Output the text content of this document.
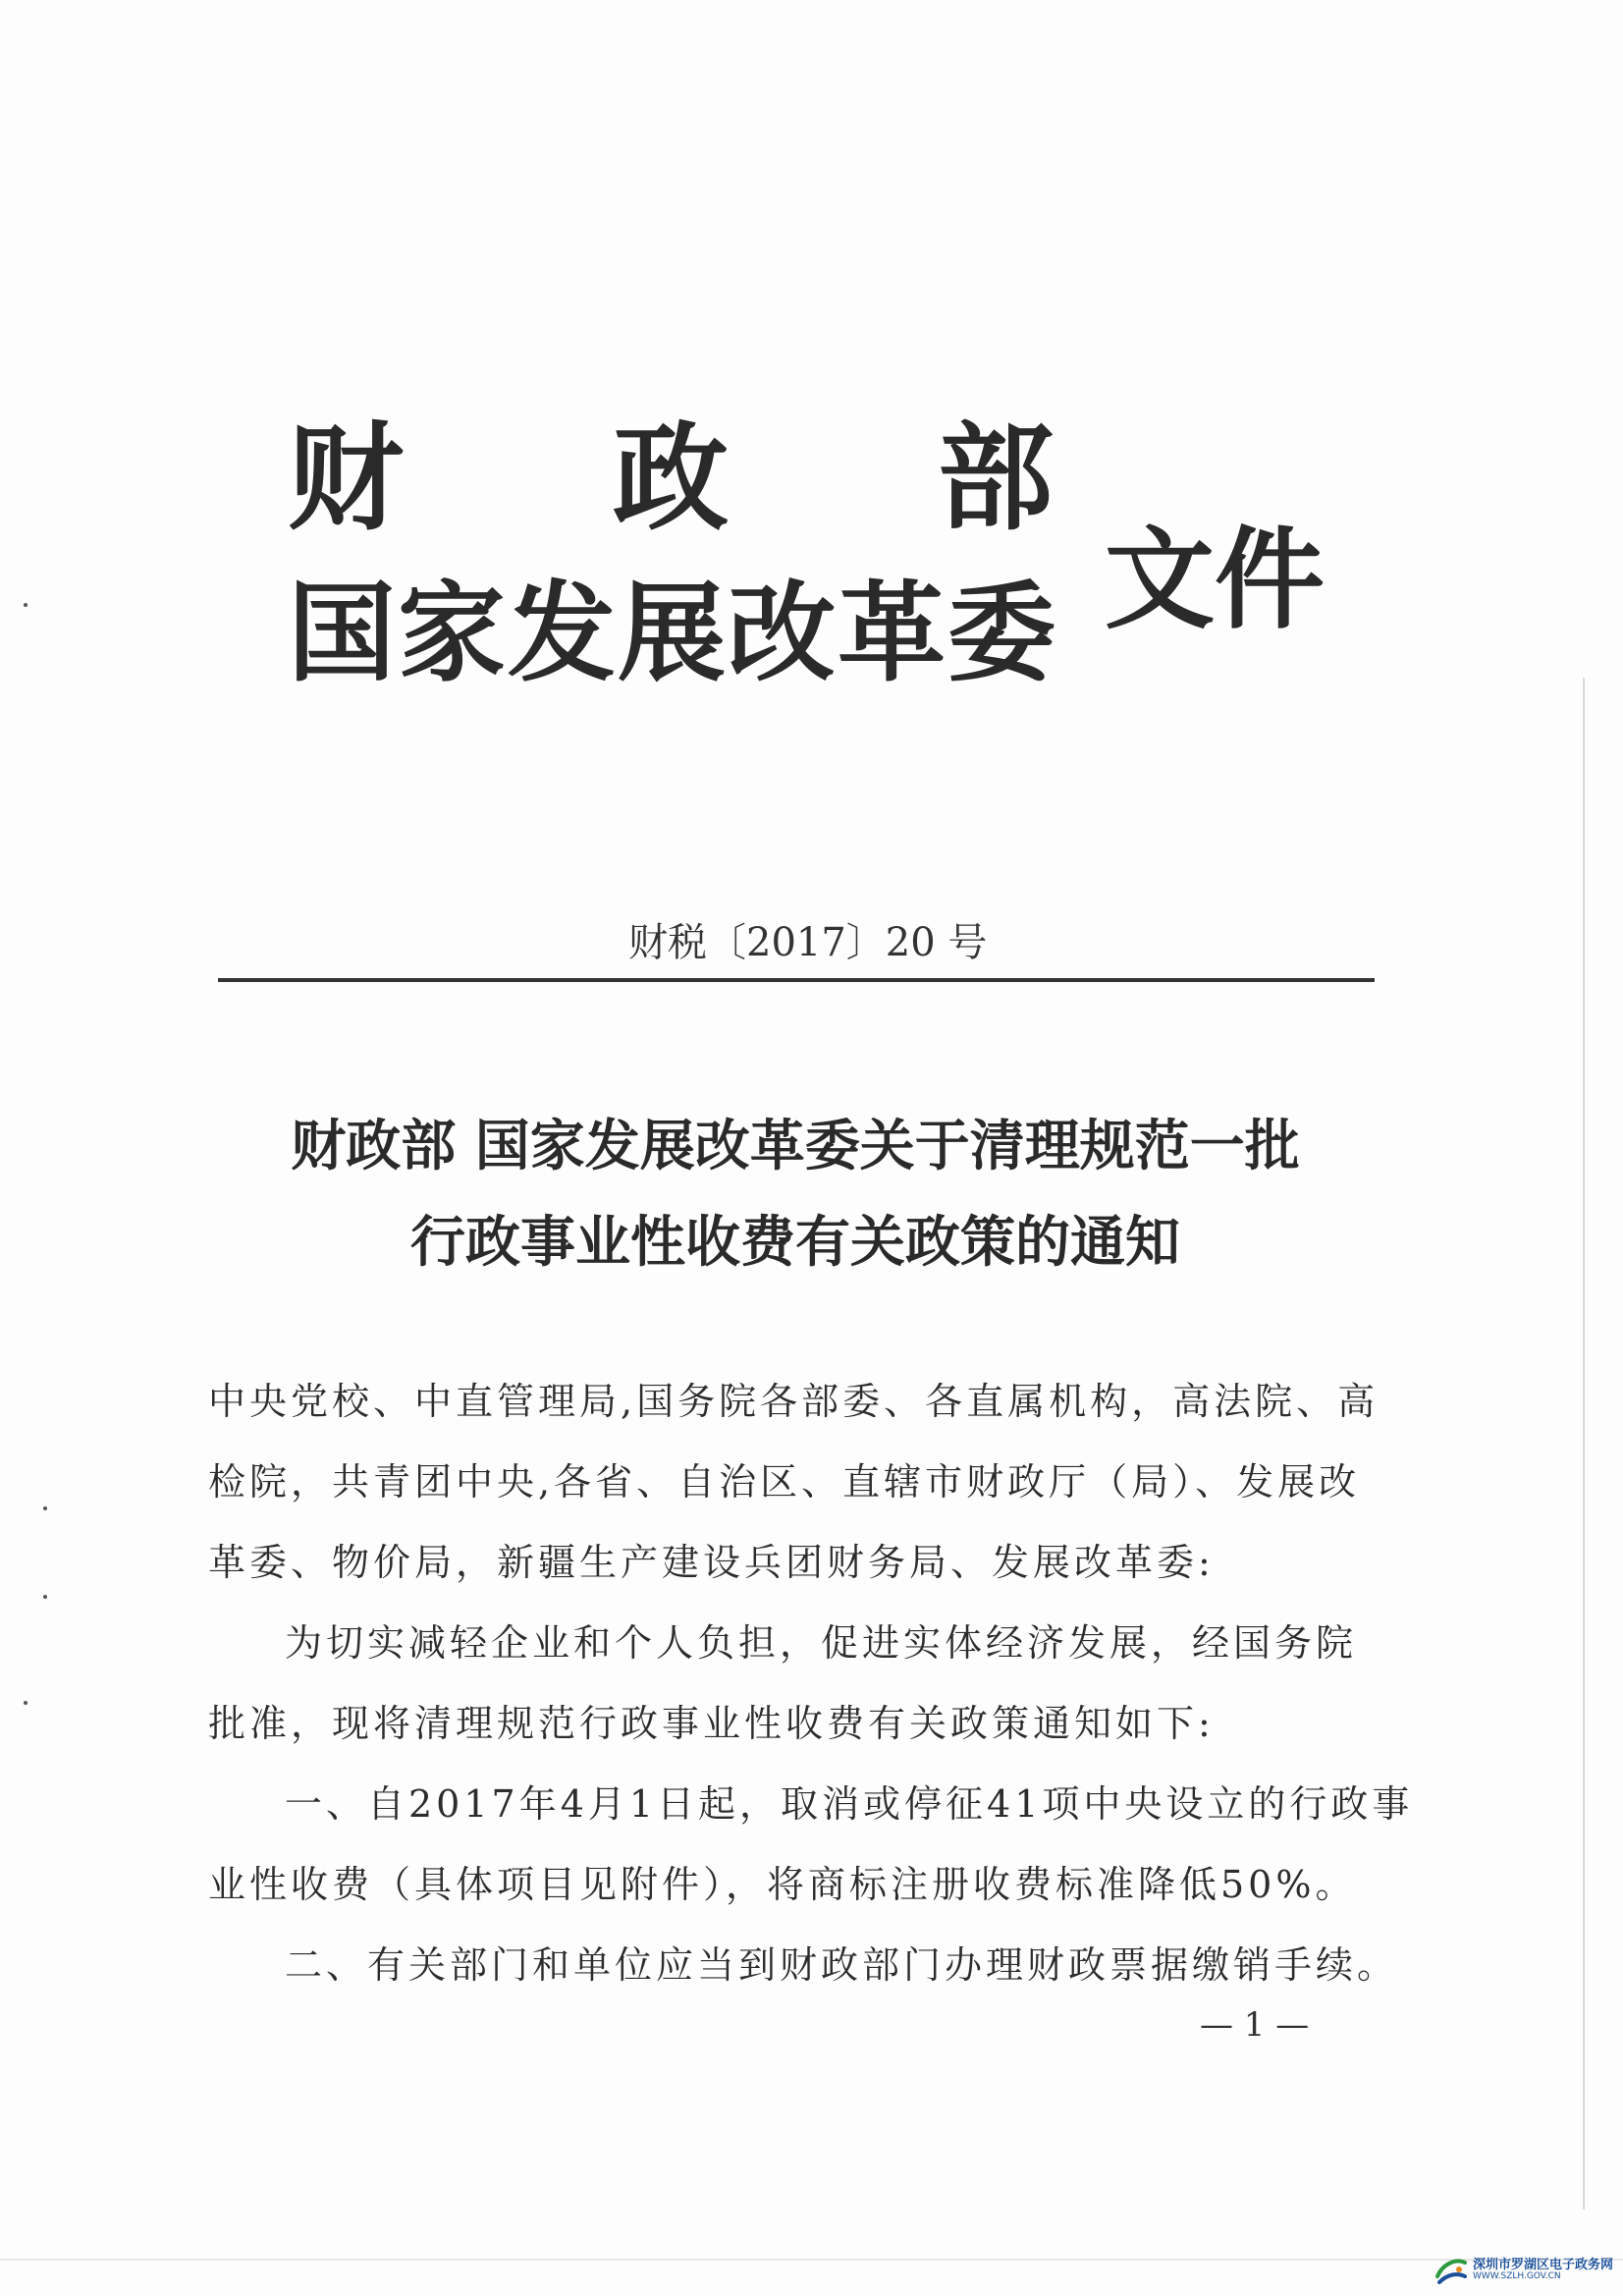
财 政 部
国家发展改革委 文件
财税〔2017〕20 号
财政部 国家发展改革委关于清理规范一批
行政事业性收费有关政策的通知
中央党校、中直管理局,国务院各部委、各直属机构，高法院、高
检院，共青团中央,各省、自治区、直辖市财政厅（局）、发展改
革委、物价局，新疆生产建设兵团财务局、发展改革委:
为切实减轻企业和个人负担，促进实体经济发展，经国务院
批准，现将清理规范行政事业性收费有关政策通知如下:
一、自2017年4月1日起，取消或停征41项中央设立的行政事
业性收费（具体项目见附件），将商标注册收费标准降低50%。
二、有关部门和单位应当到财政部门办理财政票据缴销手续。
— 1 —
深圳市罗湖区电子政务网
WWW.SZLH.GOV.CN
